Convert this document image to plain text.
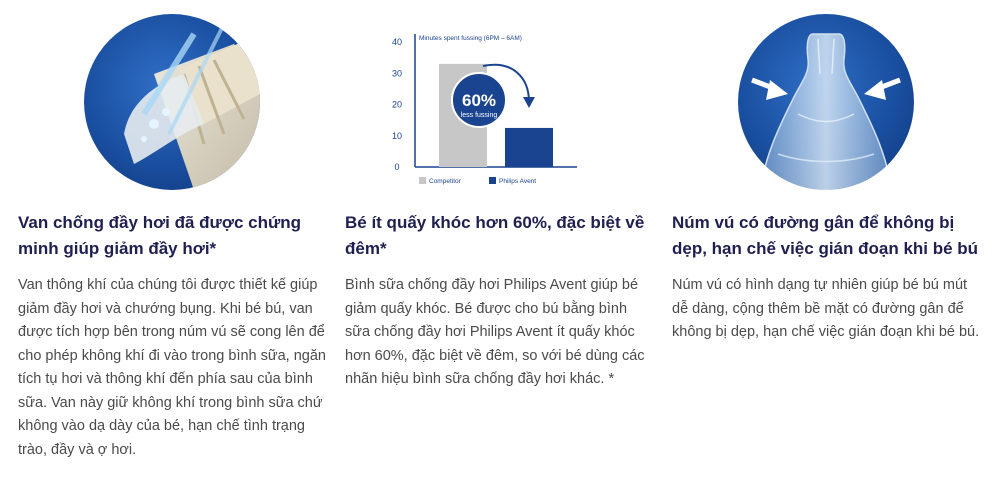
Van chống đầy hơi đã được chứng minh giúp giảm đầy hơi*
Van thông khí của chúng tôi được thiết kế giúp giảm đầy hơi và chướng bụng. Khi bé bú, van được tích hợp bên trong núm vú sẽ cong lên để cho phép không khí đi vào trong bình sữa, ngăn tích tụ hơi và thông khí đến phía sau của bình sữa. Van này giữ không khí trong bình sữa chứ không vào dạ dày của bé, hạn chế tình trạng trào, đầy và ợ hơi.
0
10
20
30
40	Minutes spent fussing (6PM – 6AM)
60%
less fussing
Competitor	Philips Avent
Bé ít quấy khóc hơn 60%, đặc biệt về đêm*
Bình sữa chống đầy hơi Philips Avent giúp bé giảm quấy khóc. Bé được cho bú bằng bình sữa chống đầy hơi Philips Avent ít quấy khóc hơn 60%, đặc biệt về đêm, so với bé dùng các nhãn hiệu bình sữa chống đầy hơi khác. *
Núm vú có đường gân để không bị dẹp, hạn chế việc gián đoạn khi bé bú
Núm vú có hình dạng tự nhiên giúp bé bú mút dễ dàng, cộng thêm bề mặt có đường gân để không bị dẹp, hạn chế việc gián đoạn khi bé bú.
